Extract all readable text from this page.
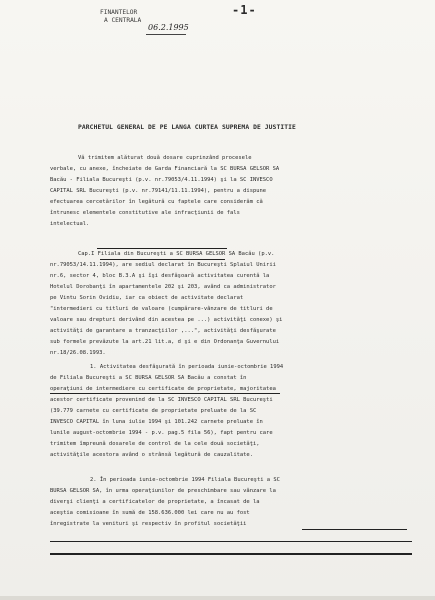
-1-
FINANTELOR
A CENTRALA
06.2.1995
PARCHETUL GENERAL DE PE LANGA CURTEA SUPREMA DE JUSTITIE
Vă trimitem alăturat două dosare cuprinzând procesele
verbale, cu anexe, încheiate de Garda Financiară la SC BURSA GELSOR SA
Bacău - Filiala Bucureşti (p.v. nr.79053/4.11.1994) şi la SC INVESCO
CAPITAL SRL Bucureşti (p.v. nr.79141/11.11.1994), pentru a dispune
efectuarea cercetărilor în legătură cu faptele care considerăm că
întrunesc elementele constitutive ale infracţiunii de fals
intelectual.
Cap.I Filiala din Bucureşti a SC BURSA GELSOR SA Bacău (p.v.
nr.79053/14.11.1994), are sediul declarat în Bucureşti Splaiul Unirii
nr.6, sector 4, bloc B.3.A şi îşi desfăşoară activitatea curentă la
Hotelul Dorobanţi în apartamentele 202 şi 203, având ca administrator
pe Vintu Sorin Ovidiu, iar ca obiect de activitate declarat
"intermedieri cu titluri de valoare (cumpărare-vânzare de titluri de
valoare sau drepturi derivând din acestea pe ...) activităţi conexe) şi
activităţi de garantare a tranzacţiilor ,...", activităţi desfăşurate
sub formele prevăzute la art.21 lit.a, d şi e din Ordonanţa Guvernului
nr.18/26.08.1993.
1. Activitatea desfăşurată în perioada iunie-octombrie 1994
de Filiala Bucureşti a SC BURSA GELSOR SA Bacău a constat în
operaţiuni de intermediere cu certificate de proprietate, majoritatea
acestor certificate provenind de la SC INVESCO CAPITAL SRL Bucureşti
(39.779 carnete cu certificate de proprietate preluate de la SC
INVESCO CAPITAL în luna iulie 1994 şi 101.242 carnete preluate în
lunile august-octombrie 1994 - p.v. pag.5 fila 56), fapt pentru care
trimitem împreună dosarele de control de la cele două societăţi,
activităţile acestora având o strânsă legătură de cauzalitate.
2. În perioada iunie-octombrie 1994 Filiala Bucureşti a SC
BURSA GELSOR SA, în urma operaţiunilor de preschimbare sau vânzare la
diverşi clienţi a certificatelor de proprietate, a încasat de la
aceştia comisioane în sumă de 158.636.000 lei care nu au fost
înregistrate la venituri şi respectiv în profitul societăţii
